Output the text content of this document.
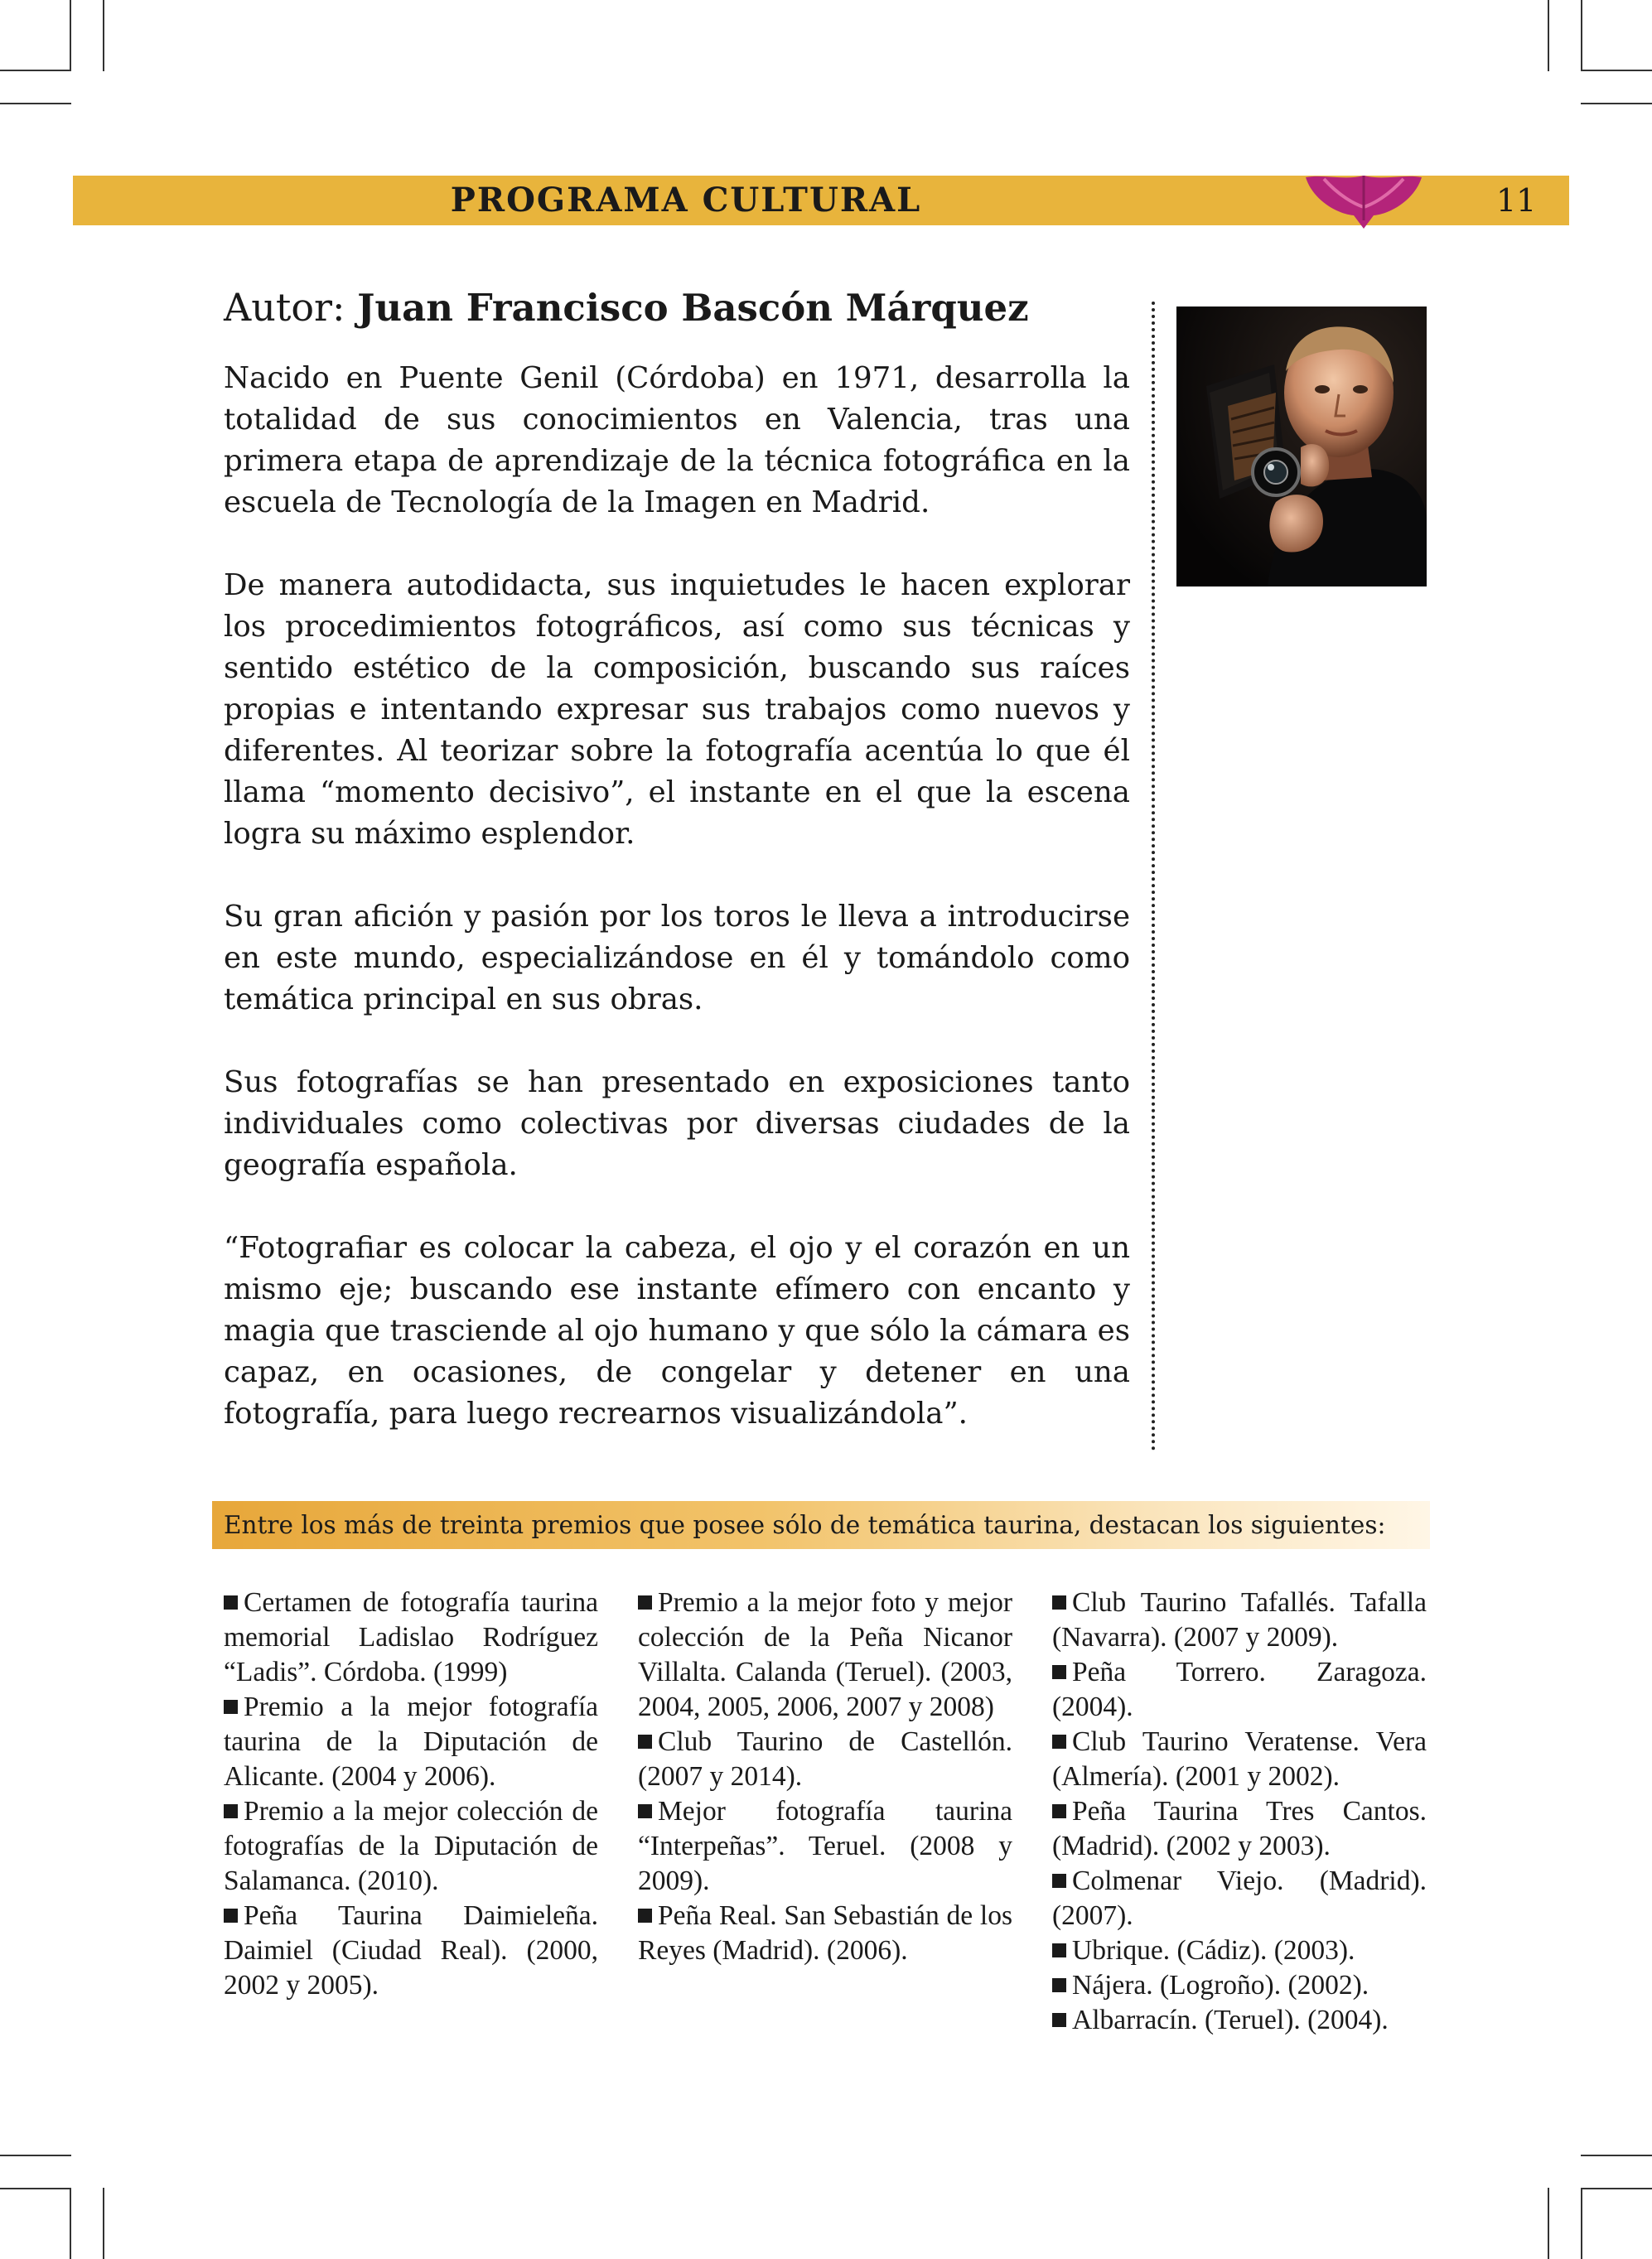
PROGRAMA CULTURAL	11
Autor: Juan Francisco Bascón Márquez

Nacido en Puente Genil (Córdoba) en 1971, desarrolla la totalidad de sus conocimientos en Valencia, tras una primera etapa de aprendizaje de la técnica fotográfica en la escuela de Tecnología de la Imagen en Madrid.

De manera autodidacta, sus inquietudes le hacen explorar los procedimientos fotográficos, así como sus técnicas y sentido estético de la composición, buscando sus raíces propias e intentando expresar sus trabajos como nuevos y diferentes. Al teorizar sobre la fotografía acentúa lo que él llama “momento decisivo”, el instante en el que la escena logra su máximo esplendor.

Su gran afición y pasión por los toros le lleva a introducirse en este mundo, especializándose en él y tomándolo como temática principal en sus obras.

Sus fotografías se han presentado en exposiciones tanto individuales como colectivas por diversas ciudades de la geografía española.

“Fotografiar es colocar la cabeza, el ojo y el corazón en un mismo eje; buscando ese instante efímero con encanto y magia que trasciende al ojo humano y que sólo la cámara es capaz, en ocasiones, de congelar y detener en una fotografía, para luego recrearnos visualizándola”.

Entre los más de treinta premios que posee sólo de temática taurina, destacan los siguientes:

Certamen de fotografía taurina memorial Ladislao Rodríguez “Ladis”. Córdoba. (1999)

Premio a la mejor fotografía taurina de la Diputación de Alicante. (2004 y 2006).

Premio a la mejor colección de fotografías de la Diputación de Salamanca. (2010).

Peña Taurina Daimieleña. Daimiel (Ciudad Real). (2000, 2002 y 2005).

Premio a la mejor foto y mejor colección de la Peña Nicanor Villalta. Calanda (Teruel). (2003, 2004, 2005, 2006, 2007 y 2008)

Club Taurino de Castellón. (2007 y 2014).

Mejor fotografía taurina “Interpeñas”. Teruel. (2008 y 2009).

Peña Real. San Sebastián de los Reyes (Madrid). (2006).

Club Taurino Tafallés. Tafalla (Navarra). (2007 y 2009).

Peña Torrero. Zaragoza. (2004).

Club Taurino Veratense. Vera (Almería). (2001 y 2002).

Peña Taurina Tres Cantos. (Madrid). (2002 y 2003).

Colmenar Viejo. (Madrid). (2007).

Ubrique. (Cádiz). (2003).

Nájera. (Logroño). (2002).

Albarracín. (Teruel). (2004).
